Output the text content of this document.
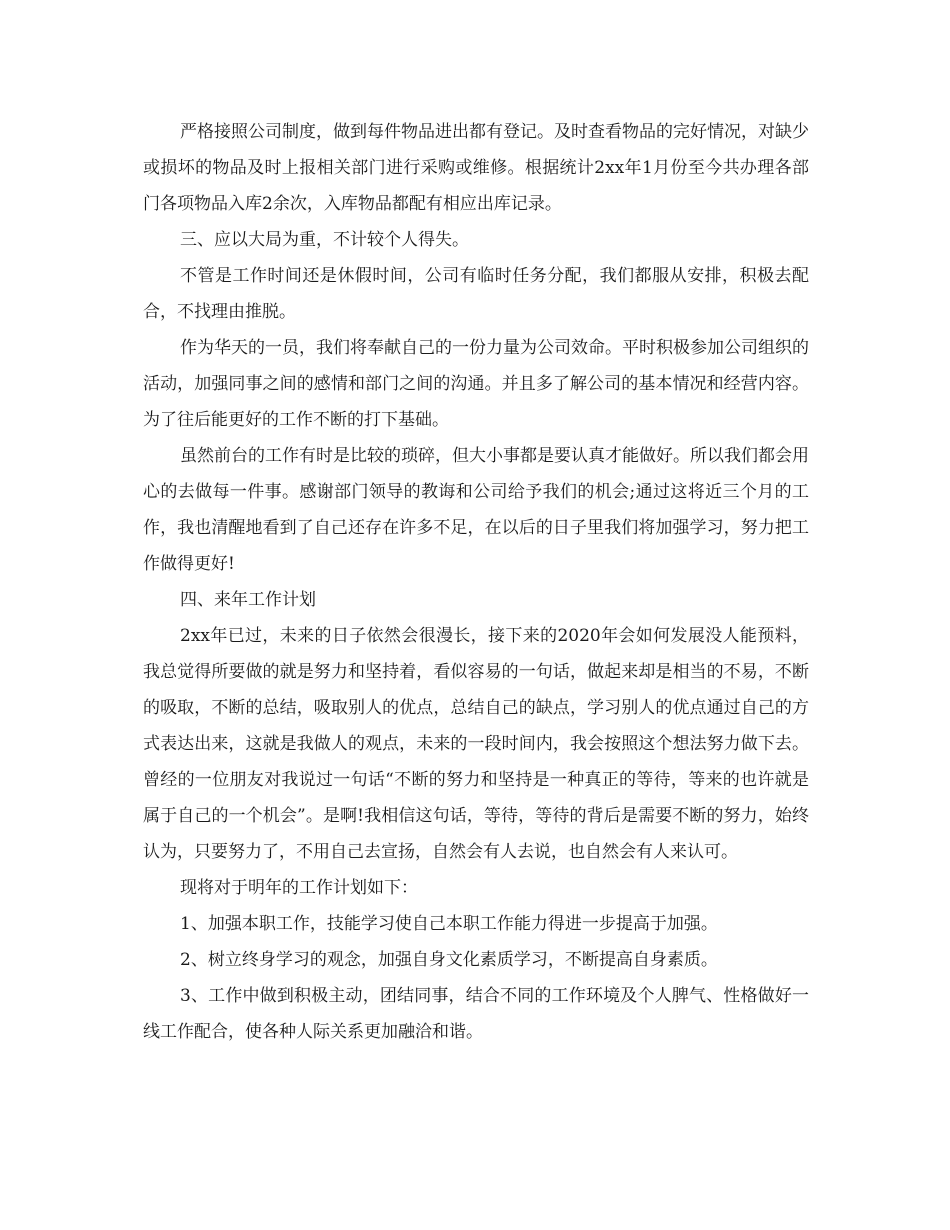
严格接照公司制度，做到每件物品进出都有登记。及时查看物品的完好情况，对缺少或损坏的物品及时上报相关部门进行采购或维修。根据统计2xx年1月份至今共办理各部门各项物品入库2余次，入库物品都配有相应出库记录。

三、应以大局为重，不计较个人得失。

不管是工作时间还是休假时间，公司有临时任务分配，我们都服从安排，积极去配合，不找理由推脱。

作为华天的一员，我们将奉献自己的一份力量为公司效命。平时积极参加公司组织的活动，加强同事之间的感情和部门之间的沟通。并且多了解公司的基本情况和经营内容。为了往后能更好的工作不断的打下基础。

虽然前台的工作有时是比较的琐碎，但大小事都是要认真才能做好。所以我们都会用心的去做每一件事。感谢部门领导的教诲和公司给予我们的机会;通过这将近三个月的工作，我也清醒地看到了自己还存在许多不足，在以后的日子里我们将加强学习，努力把工作做得更好!

四、来年工作计划

2xx年已过，未来的日子依然会很漫长，接下来的2020年会如何发展没人能预料，我总觉得所要做的就是努力和坚持着，看似容易的一句话，做起来却是相当的不易，不断的吸取，不断的总结，吸取别人的优点，总结自己的缺点，学习别人的优点通过自己的方式表达出来，这就是我做人的观点，未来的一段时间内，我会按照这个想法努力做下去。曾经的一位朋友对我说过一句话“不断的努力和坚持是一种真正的等待，等来的也许就是属于自己的一个机会”。是啊!我相信这句话，等待，等待的背后是需要不断的努力，始终认为，只要努力了，不用自己去宣扬，自然会有人去说，也自然会有人来认可。

现将对于明年的工作计划如下：

1、加强本职工作，技能学习使自己本职工作能力得进一步提高于加强。

2、树立终身学习的观念，加强自身文化素质学习，不断提高自身素质。

3、工作中做到积极主动，团结同事，结合不同的工作环境及个人脾气、性格做好一线工作配合，使各种人际关系更加融洽和谐。
